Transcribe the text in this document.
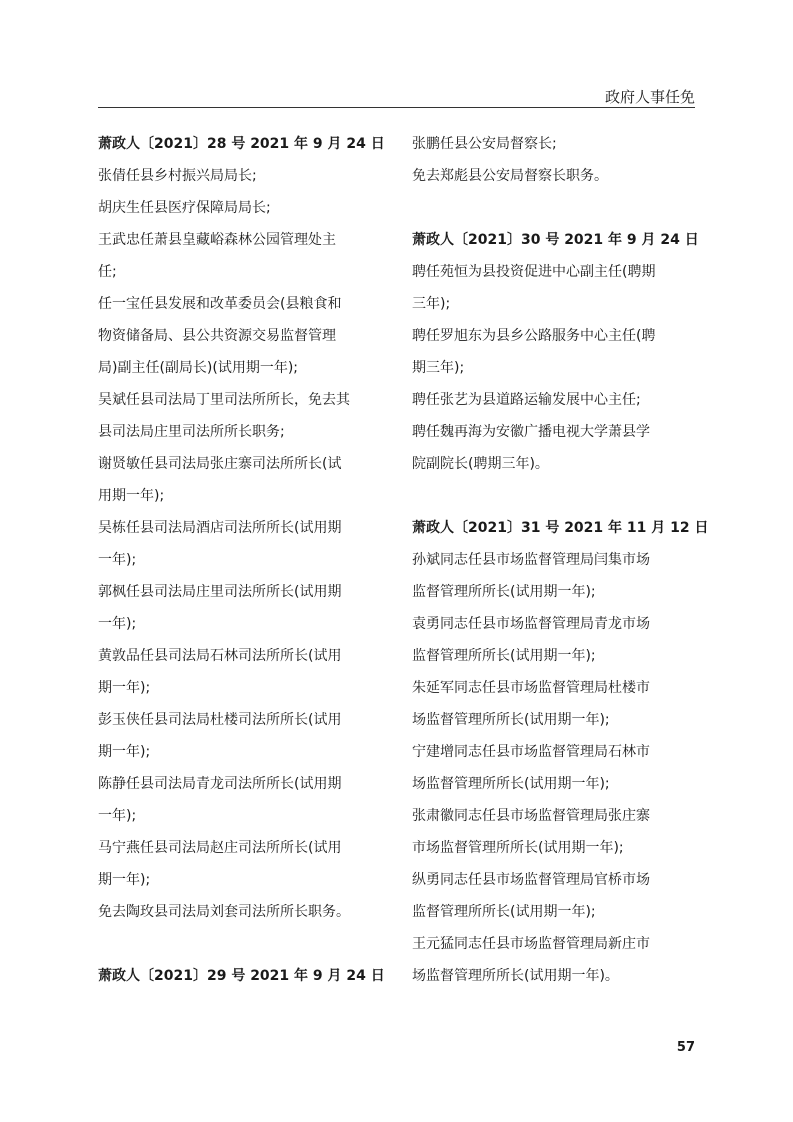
政府人事任免
萧政人〔2021〕28 号 2021 年 9 月 24 日
张倩任县乡村振兴局局长;
胡庆生任县医疗保障局局长;
王武忠任萧县皇藏峪森林公园管理处主
任;
任一宝任县发展和改革委员会(县粮食和
物资储备局、县公共资源交易监督管理
局)副主任(副局长)(试用期一年);
吴斌任县司法局丁里司法所所长，免去其
县司法局庄里司法所所长职务;
谢贤敏任县司法局张庄寨司法所所长(试
用期一年);
吴栋任县司法局酒店司法所所长(试用期
一年);
郭枫任县司法局庄里司法所所长(试用期
一年);
黄敦品任县司法局石林司法所所长(试用
期一年);
彭玉侠任县司法局杜楼司法所所长(试用
期一年);
陈静任县司法局青龙司法所所长(试用期
一年);
马宁燕任县司法局赵庄司法所所长(试用
期一年);
免去陶玫县司法局刘套司法所所长职务。
萧政人〔2021〕29 号 2021 年 9 月 24 日
张鹏任县公安局督察长;
免去郑彪县公安局督察长职务。
萧政人〔2021〕30 号 2021 年 9 月 24 日
聘任苑恒为县投资促进中心副主任(聘期
三年);
聘任罗旭东为县乡公路服务中心主任(聘
期三年);
聘任张艺为县道路运输发展中心主任;
聘任魏再海为安徽广播电视大学萧县学
院副院长(聘期三年)。
萧政人〔2021〕31 号 2021 年 11 月 12 日
孙斌同志任县市场监督管理局闫集市场
监督管理所所长(试用期一年);
袁勇同志任县市场监督管理局青龙市场
监督管理所所长(试用期一年);
朱延军同志任县市场监督管理局杜楼市
场监督管理所所长(试用期一年);
宁建增同志任县市场监督管理局石林市
场监督管理所所长(试用期一年);
张肃徽同志任县市场监督管理局张庄寨
市场监督管理所所长(试用期一年);
纵勇同志任县市场监督管理局官桥市场
监督管理所所长(试用期一年);
王元猛同志任县市场监督管理局新庄市
场监督管理所所长(试用期一年)。
57
